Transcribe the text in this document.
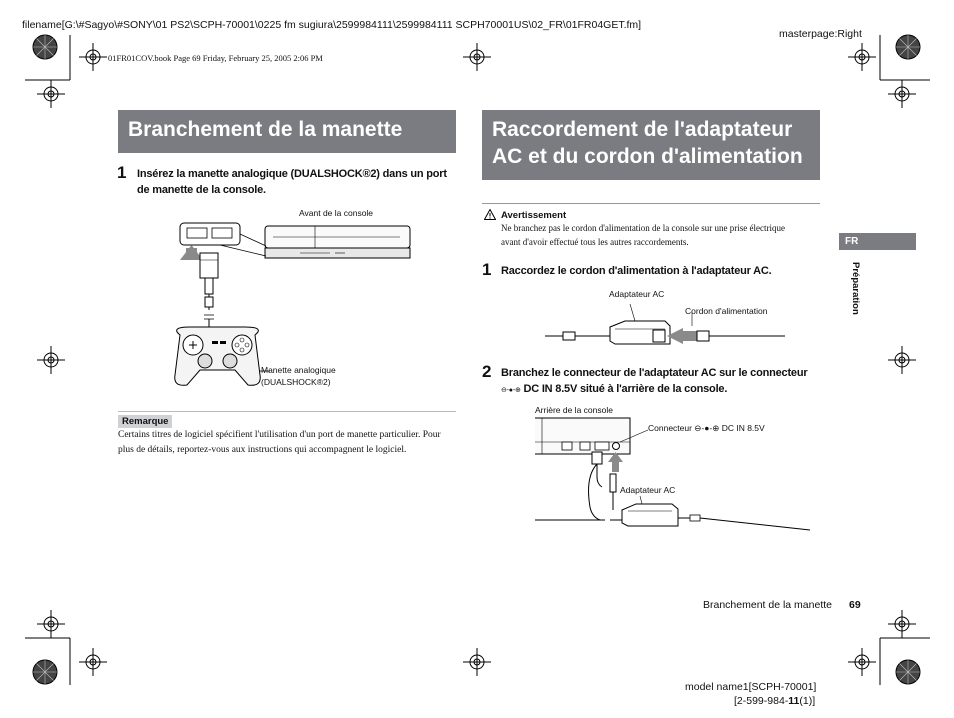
filename[G:\#Sagyo\#SONY\01 PS2\SCPH-70001\0225 fm sugiura\2599984111\2599984111 SCPH70001US\02_FR\01FR04GET.fm]
masterpage:Right
01FR01COV.book Page 69 Friday, February 25, 2005 2:06 PM
Branchement de la manette
1 Insérez la manette analogique (DUALSHOCK®2) dans un port
de manette de la console.
Avant de la console
Manette analogique
(DUALSHOCK®2)
Remarque
Certains titres de logiciel spécifient l'utilisation d'un port de manette particulier. Pour
plus de détails, reportez-vous aux instructions qui accompagnent le logiciel.
Raccordement de l'adaptateur
AC et du cordon d'alimentation
Avertissement
Ne branchez pas le cordon d'alimentation de la console sur une prise électrique
avant d'avoir effectué tous les autres raccordements.
1 Raccordez le cordon d'alimentation à l'adaptateur AC.
Adaptateur AC
Cordon d'alimentation
2 Branchez le connecteur de l'adaptateur AC sur le connecteur
⊖-●-⊕ DC IN 8.5V situé à l'arrière de la console.
Arrière de la console
Connecteur ⊖-●-⊕ DC IN 8.5V
Adaptateur AC
FR
Préparation
Branchement de la manette 69
model name1[SCPH-70001]
[2-599-984-11(1)]
